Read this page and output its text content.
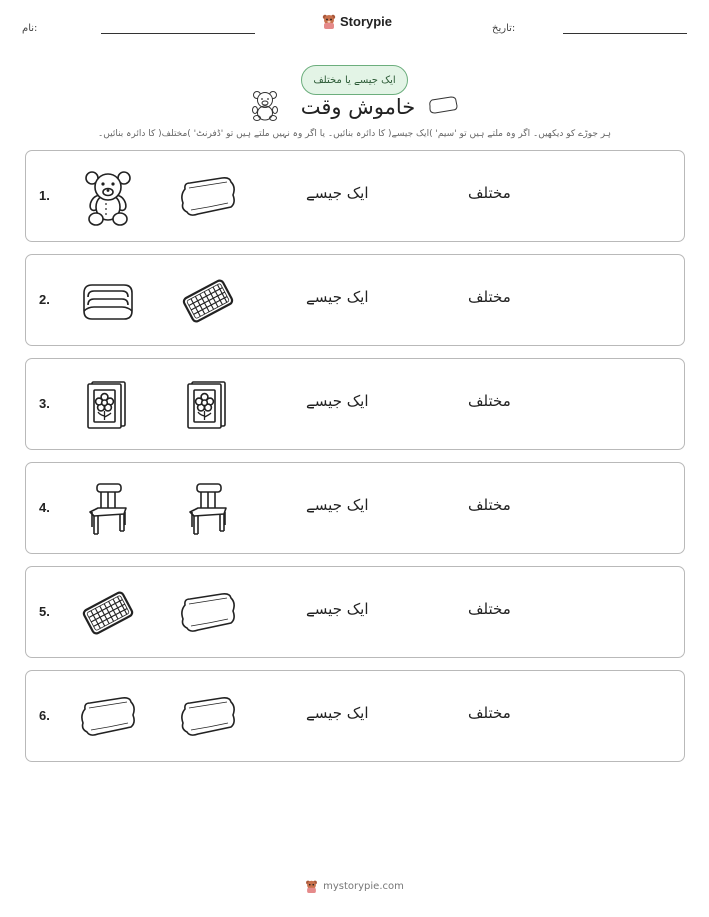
نام:	Storypie	تاریخ:
ایک جیسے یا مختلف
خاموش وقت
ہر جوڑے کو دیکھیں۔ اگر وہ ملتے ہیں تو 'سیم' )ایک جیسے( کا دائرہ بنائیں۔ یا اگر وہ نہیں ملتے ہیں تو 'ڈفرنٹ' )مختلف( کا دائرہ بنائیں۔
1.	ایک جیسے	مختلف
2.	ایک جیسے	مختلف
3.	ایک جیسے	مختلف
4.	ایک جیسے	مختلف
5.	ایک جیسے	مختلف
6.	ایک جیسے	مختلف
mystorypie.com
